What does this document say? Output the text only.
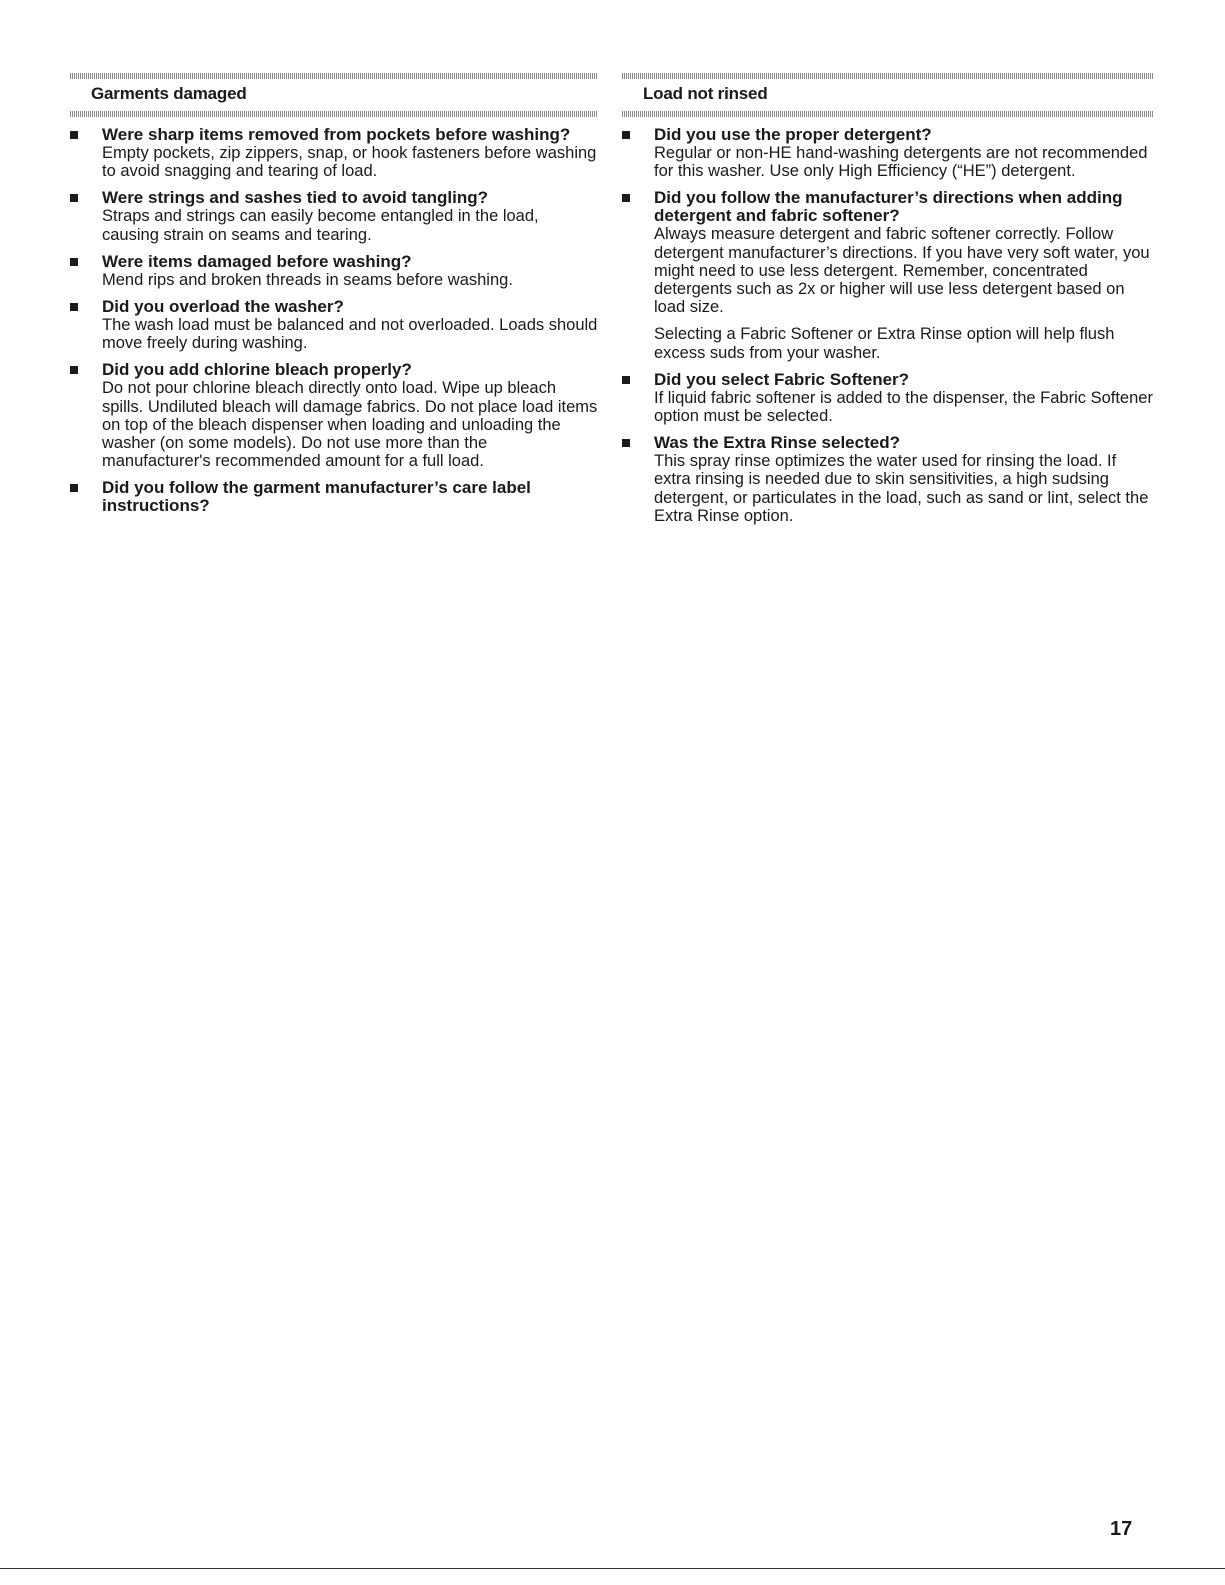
Garments damaged
Were sharp items removed from pockets before washing?

Empty pockets, zip zippers, snap, or hook fasteners before washing to avoid snagging and tearing of load.

Were strings and sashes tied to avoid tangling?

Straps and strings can easily become entangled in the load, causing strain on seams and tearing.

Were items damaged before washing?

Mend rips and broken threads in seams before washing.

Did you overload the washer?

The wash load must be balanced and not overloaded. Loads should move freely during washing.

Did you add chlorine bleach properly?

Do not pour chlorine bleach directly onto load. Wipe up bleach spills. Undiluted bleach will damage fabrics. Do not place load items on top of the bleach dispenser when loading and unloading the washer (on some models). Do not use more than the manufacturer's recommended amount for a full load.

Did you follow the garment manufacturer’s care label instructions?
Load not rinsed
Did you use the proper detergent?

Regular or non-HE hand-washing detergents are not recommended for this washer. Use only High Efficiency (“HE”) detergent.

Did you follow the manufacturer’s directions when adding detergent and fabric softener?

Always measure detergent and fabric softener correctly. Follow detergent manufacturer’s directions. If you have very soft water, you might need to use less detergent. Remember, concentrated detergents such as 2x or higher will use less detergent based on load size.

Selecting a Fabric Softener or Extra Rinse option will help flush excess suds from your washer.

Did you select Fabric Softener?

If liquid fabric softener is added to the dispenser, the Fabric Softener option must be selected.

Was the Extra Rinse selected?

This spray rinse optimizes the water used for rinsing the load. If extra rinsing is needed due to skin sensitivities, a high sudsing detergent, or particulates in the load, such as sand or lint, select the Extra Rinse option.

17
